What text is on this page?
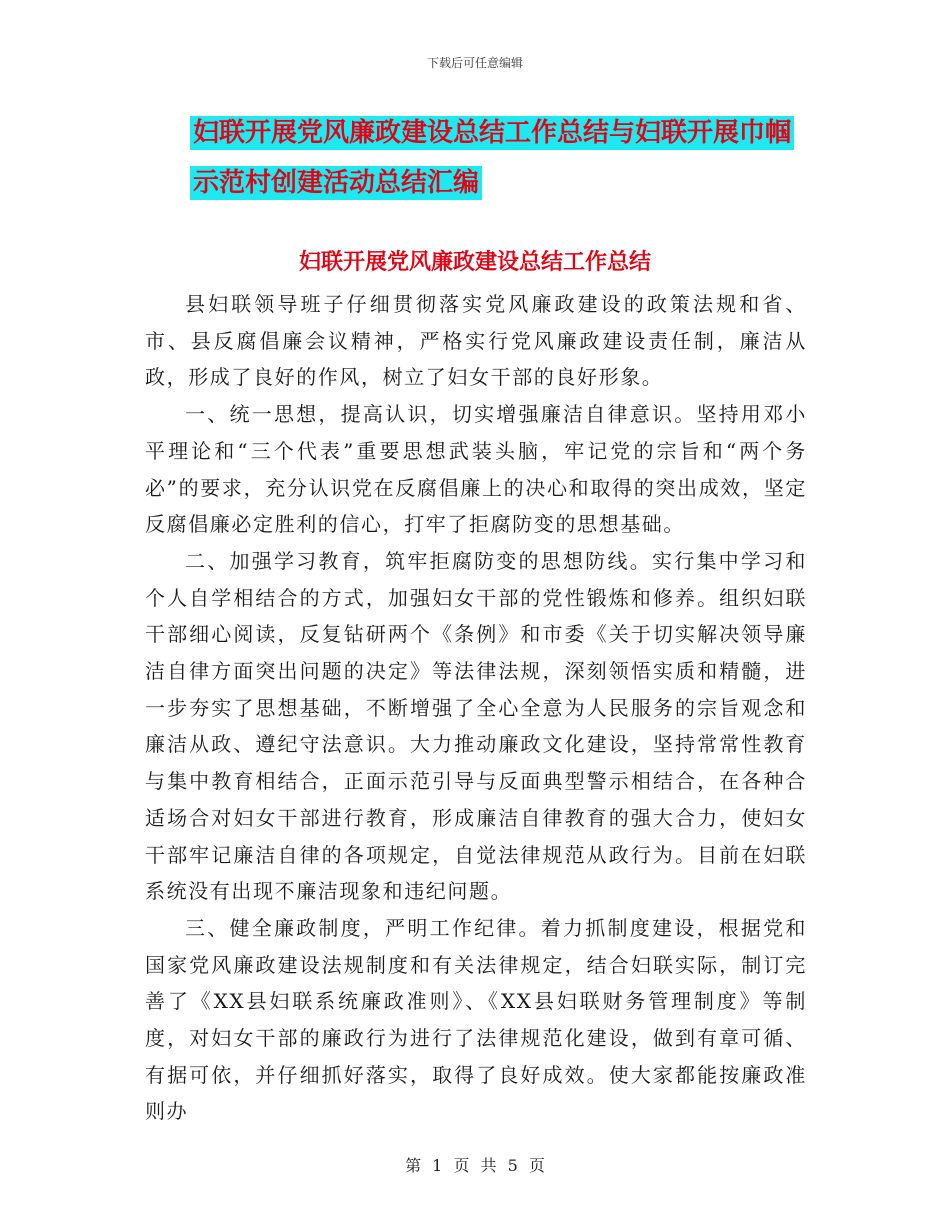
下载后可任意编辑
妇联开展党风廉政建设总结工作总结与妇联开展巾帼
示范村创建活动总结汇编
妇联开展党风廉政建设总结工作总结

县妇联领导班子仔细贯彻落实党风廉政建设的政策法规和省、市、县反腐倡廉会议精神，严格实行党风廉政建设责任制，廉洁从政，形成了良好的作风，树立了妇女干部的良好形象。

一、统一思想，提高认识，切实增强廉洁自律意识。坚持用邓小平理论和“三个代表”重要思想武装头脑，牢记党的宗旨和“两个务必”的要求，充分认识党在反腐倡廉上的决心和取得的突出成效，坚定反腐倡廉必定胜利的信心，打牢了拒腐防变的思想基础。

二、加强学习教育，筑牢拒腐防变的思想防线。实行集中学习和个人自学相结合的方式，加强妇女干部的党性锻炼和修养。组织妇联干部细心阅读，反复钻研两个《条例》和市委《关于切实解决领导廉洁自律方面突出问题的决定》等法律法规，深刻领悟实质和精髓，进一步夯实了思想基础，不断增强了全心全意为人民服务的宗旨观念和廉洁从政、遵纪守法意识。大力推动廉政文化建设，坚持常常性教育与集中教育相结合，正面示范引导与反面典型警示相结合，在各种合适场合对妇女干部进行教育，形成廉洁自律教育的强大合力，使妇女干部牢记廉洁自律的各项规定，自觉法律规范从政行为。目前在妇联系统没有出现不廉洁现象和违纪问题。

三、健全廉政制度，严明工作纪律。着力抓制度建设，根据党和国家党风廉政建设法规制度和有关法律规定，结合妇联实际，制订完善了《XX县妇联系统廉政准则》、《XX县妇联财务管理制度》等制度，对妇女干部的廉政行为进行了法律规范化建设，做到有章可循、有据可依，并仔细抓好落实，取得了良好成效。使大家都能按廉政准则办

第 1 页 共 5 页
